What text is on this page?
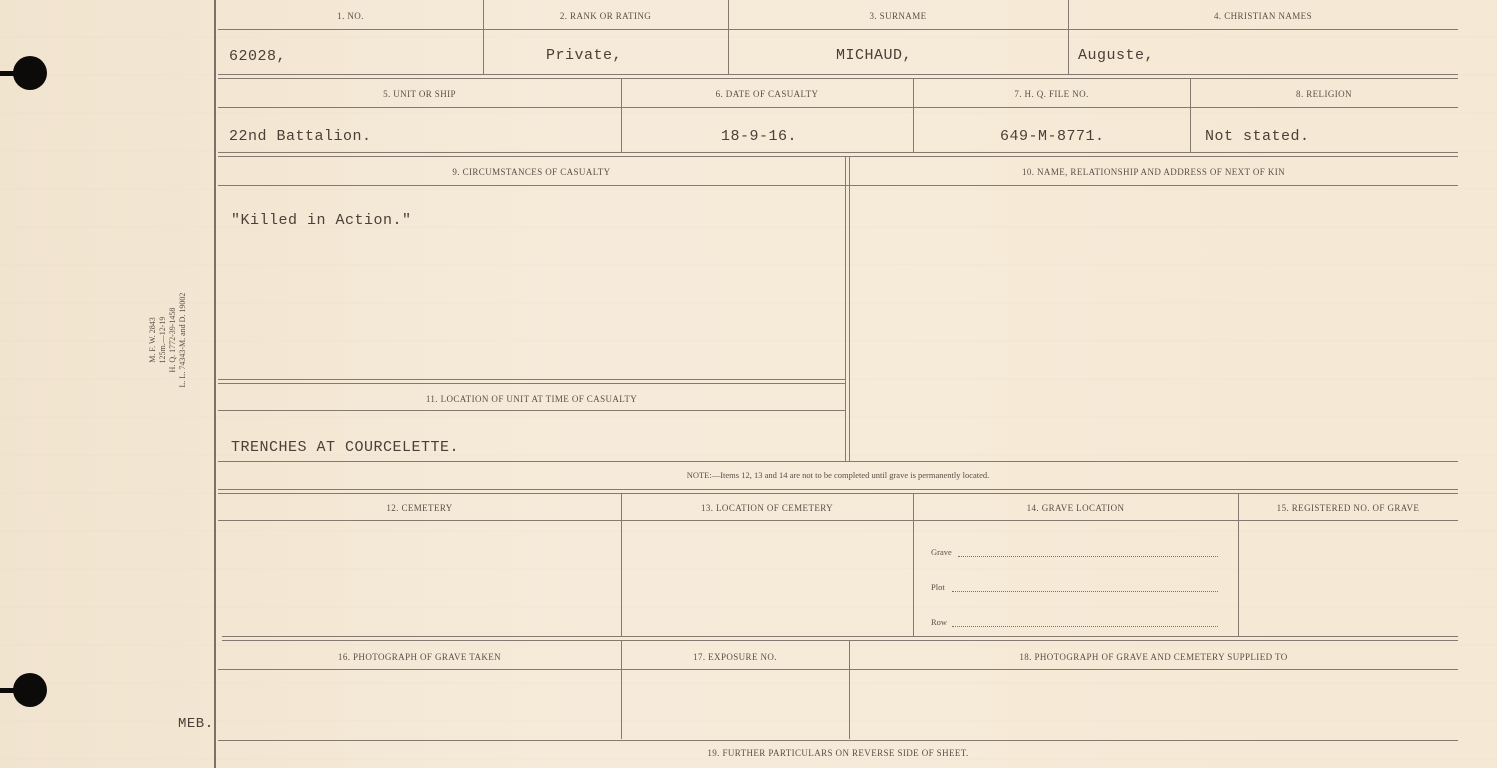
M. F. W. 2843 125m.—12-19 H. Q. 1772-39-1458 L. L. 74343-M. and D. 19002
1. NO.	2. RANK OR RATING	3. SURNAME	4. CHRISTIAN NAMES
62028,	Private,	MICHAUD,	Auguste,
5. UNIT OR SHIP	6. DATE OF CASUALTY	7. H. Q. FILE NO.	8. RELIGION
22nd Battalion.	18-9-16.	649-M-8771.	Not stated.
9. CIRCUMSTANCES OF CASUALTY	10. NAME, RELATIONSHIP AND ADDRESS OF NEXT OF KIN
"Killed in Action."
11. LOCATION OF UNIT AT TIME OF CASUALTY
TRENCHES AT COURCELETTE.
NOTE:—Items 12, 13 and 14 are not to be completed until grave is permanently located.
12. CEMETERY	13. LOCATION OF CEMETERY	14. GRAVE LOCATION	15. REGISTERED NO. OF GRAVE
Grave
Plot
Row
16. PHOTOGRAPH OF GRAVE TAKEN	17. EXPOSURE NO.	18. PHOTOGRAPH OF GRAVE AND CEMETERY SUPPLIED TO
MEB.
19. FURTHER PARTICULARS ON REVERSE SIDE OF SHEET.
